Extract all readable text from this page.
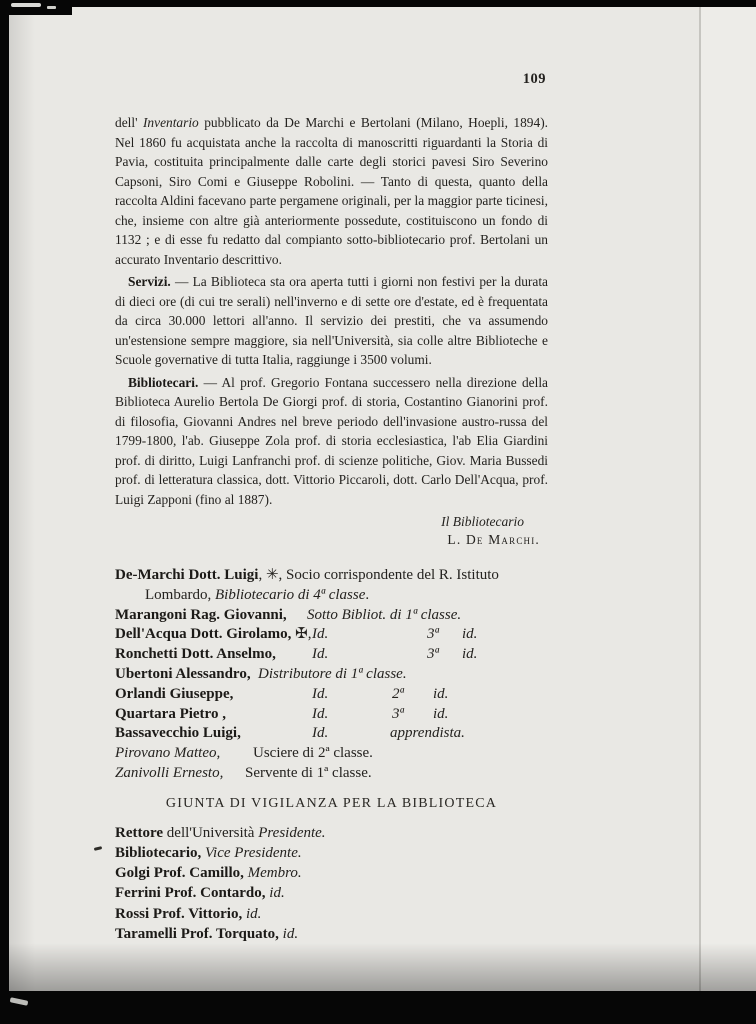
109

dell' Inventario pubblicato da De Marchi e Bertolani (Milano, Hoepli, 1894). Nel 1860 fu acquistata anche la raccolta di manoscritti riguardanti la Storia di Pavia, costituita principalmente dalle carte degli storici pavesi Siro Severino Capsoni, Siro Comi e Giuseppe Robolini. — Tanto di questa, quanto della raccolta Aldini facevano parte pergamene originali, per la maggior parte ticinesi, che, insieme con altre già anteriormente possedute, costituiscono un fondo di 1132 ; e di esse fu redatto dal compianto sotto-bibliotecario prof. Bertolani un accurato Inventario descrittivo.

Servizi. — La Biblioteca sta ora aperta tutti i giorni non festivi per la durata di dieci ore (di cui tre serali) nell'inverno e di sette ore d'estate, ed è frequentata da circa 30.000 lettori all'anno. Il servizio dei prestiti, che va assumendo un'estensione sempre maggiore, sia nell'Università, sia colle altre Biblioteche e Scuole governative di tutta Italia, raggiunge i 3500 volumi.

Bibliotecari. — Al prof. Gregorio Fontana successero nella direzione della Biblioteca Aurelio Bertola De Giorgi prof. di storia, Costantino Gianorini prof. di filosofia, Giovanni Andres nel breve periodo dell'invasione austro-russa del 1799-1800, l'ab. Giuseppe Zola prof. di storia ecclesiastica, l'ab Elia Giardini prof. di diritto, Luigi Lanfranchi prof. di scienze politiche, Giov. Maria Bussedi prof. di letteratura classica, dott. Vittorio Piccaroli, dott. Carlo Dell'Acqua, prof. Luigi Zapponi (fino al 1887).

Il Bibliotecario
L. De Marchi.
De-Marchi Dott. Luigi, ✳, Socio corrispondente del R. Istituto
Lombardo, Bibliotecario di 4ª classe.
Marangoni Rag. Giovanni, Sotto Bibliot. di 1ª classe.
Dell'Acqua Dott. Girolamo, ✠, Id.	3ª id.
Ronchetti Dott. Anselmo, Id.	3ª id.
Ubertoni Alessandro, Distributore di 1ª classe.
Orlandi Giuseppe,	Id.	2ª id.
Quartara Pietro ,	Id.	3ª id.
Bassavecchio Luigi,	Id.	apprendista.
Pirovano Matteo, Usciere di 2ª classe.
Zanivolli Ernesto, Servente di 1ª classe.
GIUNTA DI VIGILANZA PER LA BIBLIOTECA
Rettore dell'Università Presidente.
Bibliotecario, Vice Presidente.
Golgi Prof. Camillo, Membro.
Ferrini Prof. Contardo, id.
Rossi Prof. Vittorio, id.
Taramelli Prof. Torquato, id.
